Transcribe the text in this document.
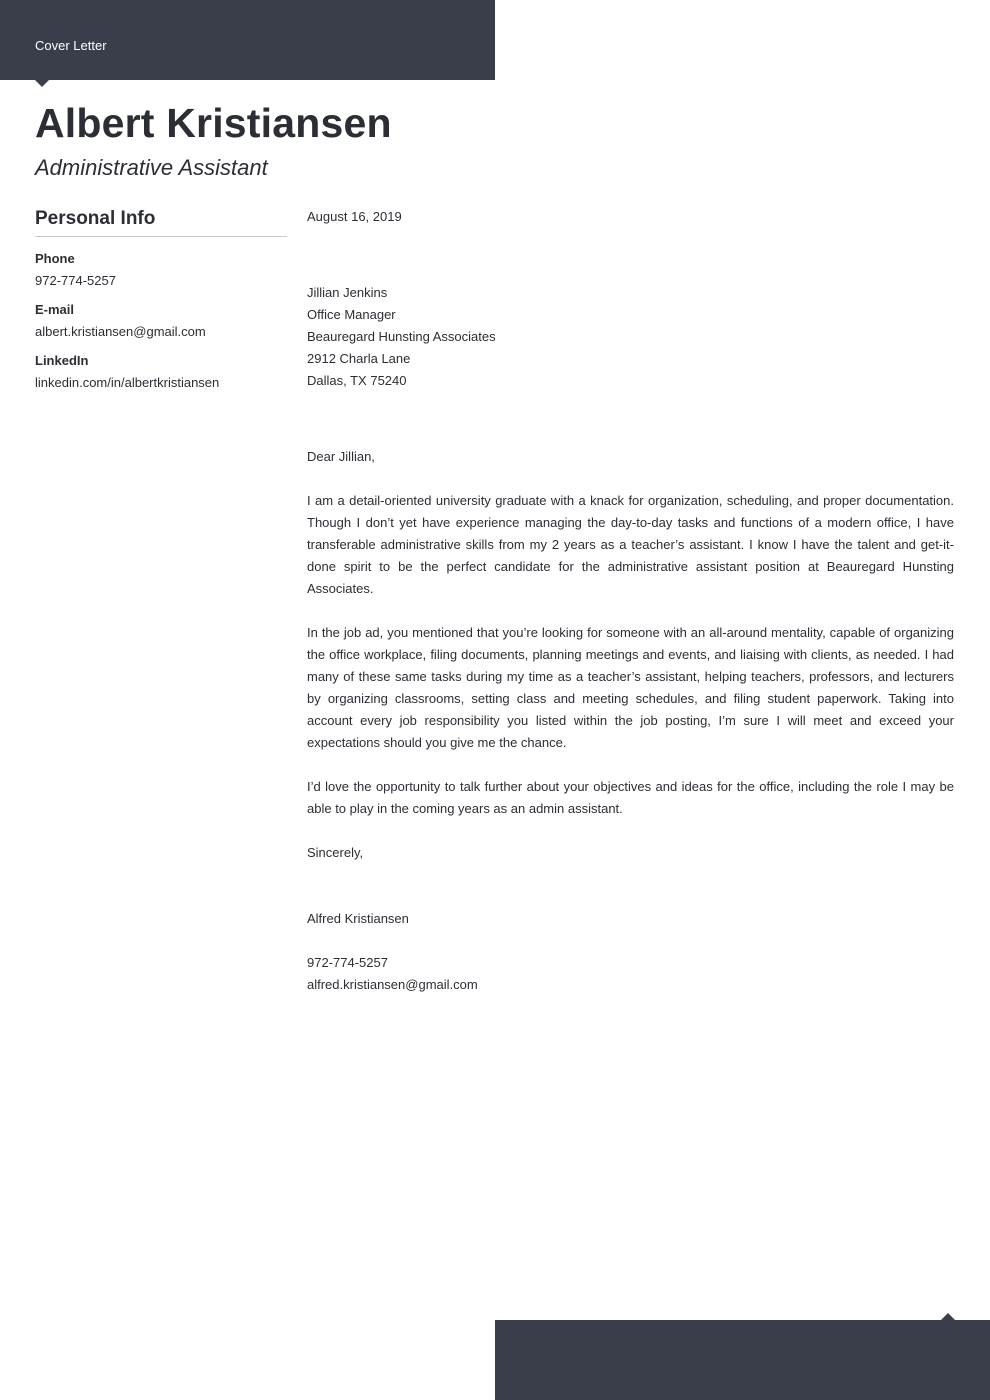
Cover Letter
Albert Kristiansen
Administrative Assistant
Personal Info
Phone
972-774-5257
E-mail
albert.kristiansen@gmail.com
LinkedIn
linkedin.com/in/albertkristiansen

August 16, 2019

Jillian Jenkins

Office Manager

Beauregard Hunsting Associates

2912 Charla Lane

Dallas, TX 75240

Dear Jillian,

I am a detail-oriented university graduate with a knack for organization, scheduling, and proper documentation. Though I don’t yet have experience managing the day-to-day tasks and functions of a modern office, I have transferable administrative skills from my 2 years as a teacher’s assistant. I know I have the talent and get-it-done spirit to be the perfect candidate for the administrative assistant position at Beauregard Hunsting Associates.

In the job ad, you mentioned that you’re looking for someone with an all-around mentality, capable of organizing the office workplace, filing documents, planning meetings and events, and liaising with clients, as needed. I had many of these same tasks during my time as a teacher’s assistant, helping teachers, professors, and lecturers by organizing classrooms, setting class and meeting schedules, and filing student paperwork. Taking into account every job responsibility you listed within the job posting, I’m sure I will meet and exceed your expectations should you give me the chance.

I’d love the opportunity to talk further about your objectives and ideas for the office, including the role I may be able to play in the coming years as an admin assistant.

Sincerely,

Alfred Kristiansen

972-774-5257

alfred.kristiansen@gmail.com
